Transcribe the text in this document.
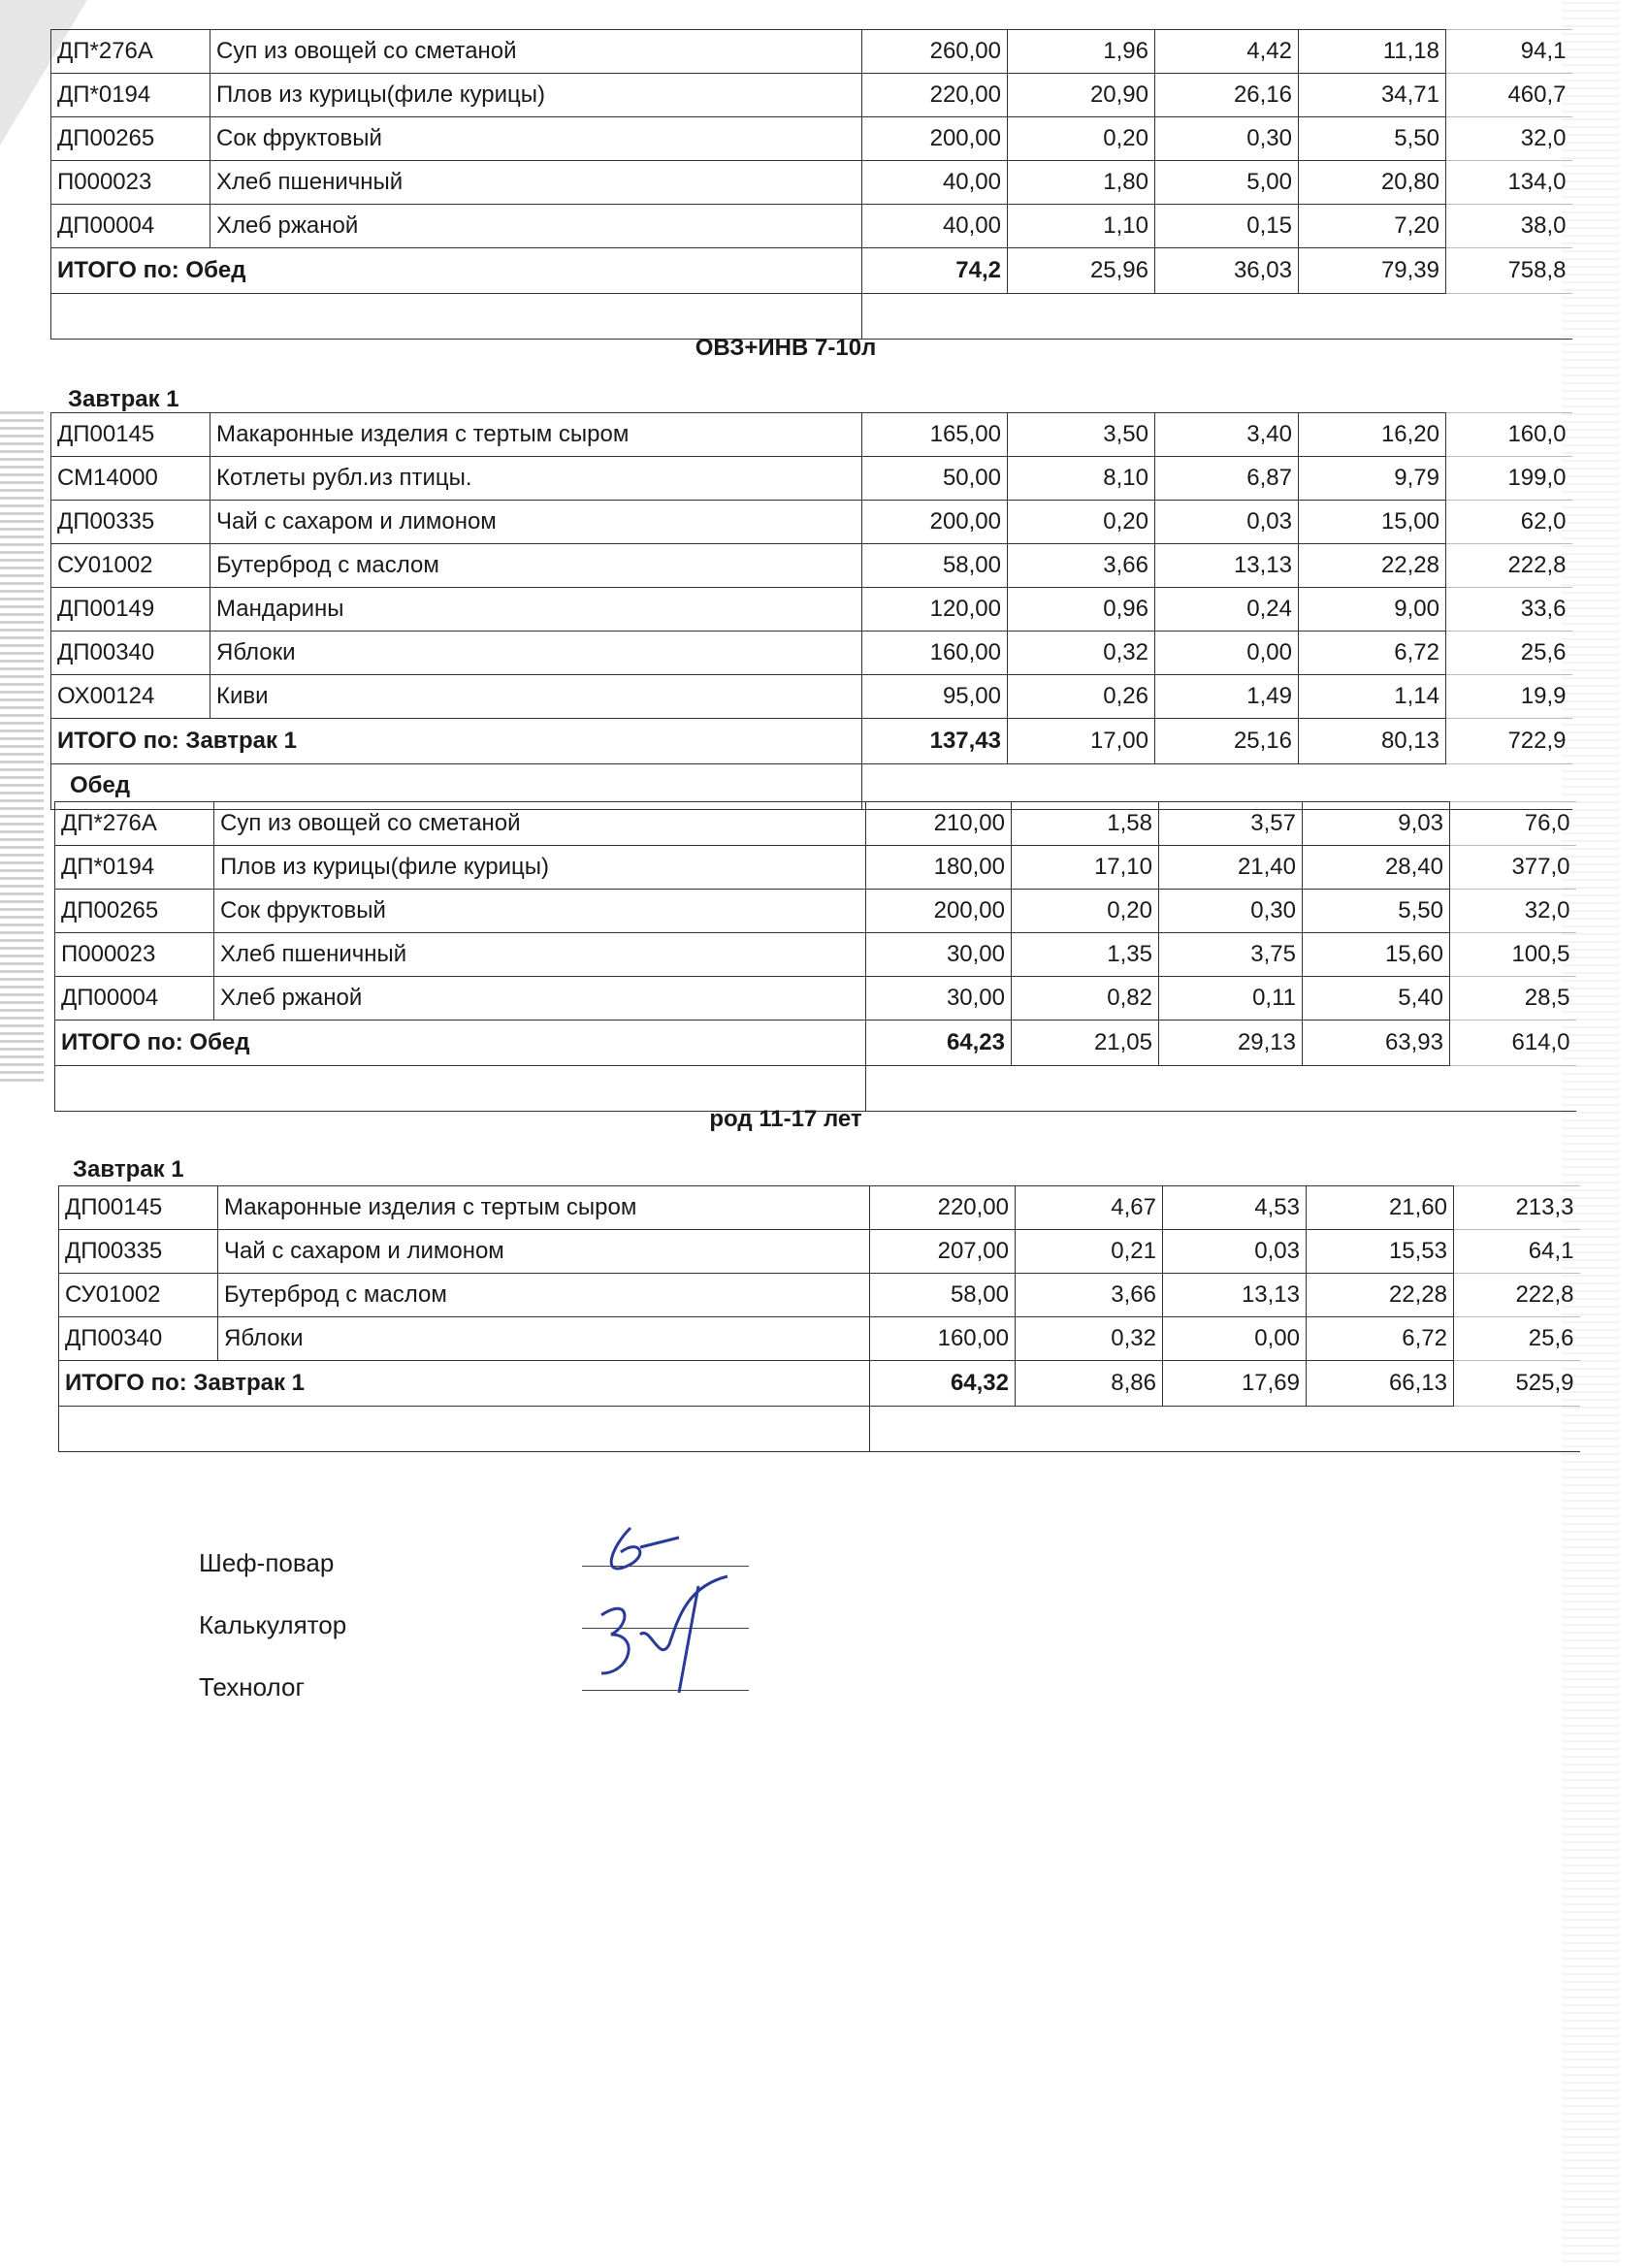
ДП*276А	Суп из овощей со сметаной	260,00	1,96	4,42	11,18	94,1
ДП*0194	Плов из курицы(филе курицы)	220,00	20,90	26,16	34,71	460,7
ДП00265	Сок фруктовый	200,00	0,20	0,30	5,50	32,0
П000023	Хлеб пшеничный	40,00	1,80	5,00	20,80	134,0
ДП00004	Хлеб ржаной	40,00	1,10	0,15	7,20	38,0
ИТОГО по: Обед		74,2	25,96	36,03	79,39	758,8

ОВЗ+ИНВ 7-10л
Завтрак 1
ДП00145	Макаронные изделия с тертым сыром	165,00	3,50	3,40	16,20	160,0
СМ14000	Котлеты рубл.из птицы.	50,00	8,10	6,87	9,79	199,0
ДП00335	Чай с сахаром и лимоном	200,00	0,20	0,03	15,00	62,0
СУ01002	Бутерброд с маслом	58,00	3,66	13,13	22,28	222,8
ДП00149	Мандарины	120,00	0,96	0,24	9,00	33,6
ДП00340	Яблоки	160,00	0,32	0,00	6,72	25,6
ОХ00124	Киви	95,00	0,26	1,49	1,14	19,9
ИТОГО по: Завтрак 1		137,43	17,00	25,16	80,13	722,9

Обед
ДП*276А	Суп из овощей со сметаной	210,00	1,58	3,57	9,03	76,0
ДП*0194	Плов из курицы(филе курицы)	180,00	17,10	21,40	28,40	377,0
ДП00265	Сок фруктовый	200,00	0,20	0,30	5,50	32,0
П000023	Хлеб пшеничный	30,00	1,35	3,75	15,60	100,5
ДП00004	Хлеб ржаной	30,00	0,82	0,11	5,40	28,5
ИТОГО по: Обед		64,23	21,05	29,13	63,93	614,0

род 11-17 лет
Завтрак 1
ДП00145	Макаронные изделия с тертым сыром	220,00	4,67	4,53	21,60	213,3
ДП00335	Чай с сахаром и лимоном	207,00	0,21	0,03	15,53	64,1
СУ01002	Бутерброд с маслом	58,00	3,66	13,13	22,28	222,8
ДП00340	Яблоки	160,00	0,32	0,00	6,72	25,6
ИТОГО по: Завтрак 1		64,32	8,86	17,69	66,13	525,9

Шеф-повар
Калькулятор
Технолог
